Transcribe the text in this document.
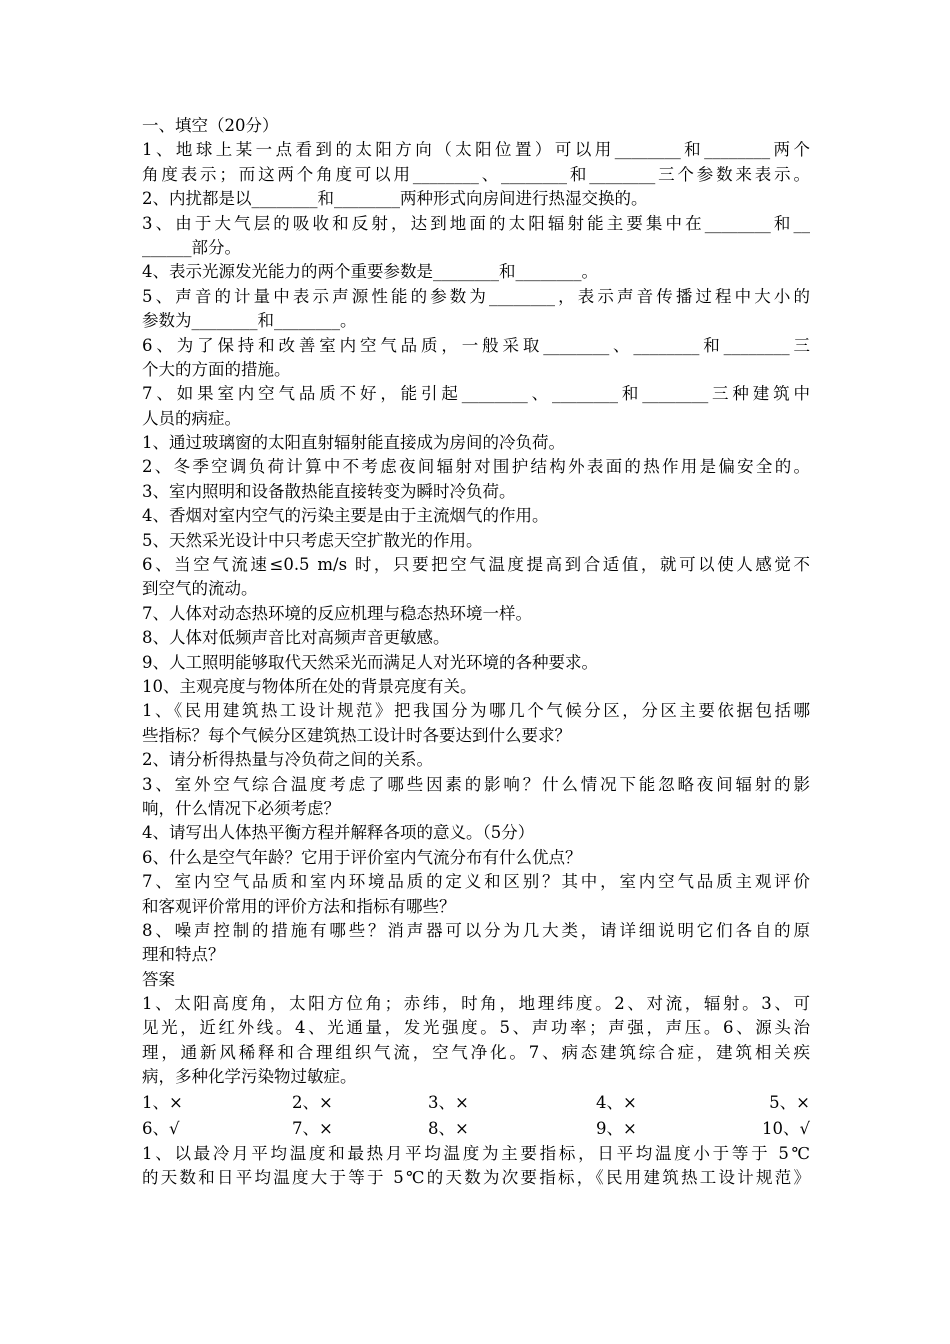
一、填空（20分）
1、地球上某一点看到的太阳方向（太阳位置）可以用________和________两个
角度表示；而这两个角度可以用________、________和________三个参数来表示。
2、内扰都是以________和________两种形式向房间进行热湿交换的。
3、由于大气层的吸收和反射，达到地面的太阳辐射能主要集中在________和__
______部分。
4、表示光源发光能力的两个重要参数是________和________。
5、声音的计量中表示声源性能的参数为________，表示声音传播过程中大小的
参数为________和________。
6、为了保持和改善室内空气品质，一般采取________、________和________三
个大的方面的措施。
7、如果室内空气品质不好，能引起________、________和________三种建筑中
人员的病症。
1、通过玻璃窗的太阳直射辐射能直接成为房间的冷负荷。
2、冬季空调负荷计算中不考虑夜间辐射对围护结构外表面的热作用是偏安全的。
3、室内照明和设备散热能直接转变为瞬时冷负荷。
4、香烟对室内空气的污染主要是由于主流烟气的作用。
5、天然采光设计中只考虑天空扩散光的作用。
6、当空气流速≤0.5 m/s 时，只要把空气温度提高到合适值，就可以使人感觉不
到空气的流动。
7、人体对动态热环境的反应机理与稳态热环境一样。
8、人体对低频声音比对高频声音更敏感。
9、人工照明能够取代天然采光而满足人对光环境的各种要求。
10、主观亮度与物体所在处的背景亮度有关。
1、《民用建筑热工设计规范》把我国分为哪几个气候分区，分区主要依据包括哪
些指标？每个气候分区建筑热工设计时各要达到什么要求？
2、请分析得热量与冷负荷之间的关系。
3、室外空气综合温度考虑了哪些因素的影响？什么情况下能忽略夜间辐射的影
响，什么情况下必须考虑？
4、请写出人体热平衡方程并解释各项的意义。（5分）
6、什么是空气年龄？它用于评价室内气流分布有什么优点？
7、室内空气品质和室内环境品质的定义和区别？其中，室内空气品质主观评价
和客观评价常用的评价方法和指标有哪些？
8、噪声控制的措施有哪些？消声器可以分为几大类，请详细说明它们各自的原
理和特点？
答案
1、太阳高度角，太阳方位角；赤纬，时角，地理纬度。2、对流，辐射。3、可
见光，近红外线。4、光通量，发光强度。5、声功率；声强，声压。6、源头治
理，通新风稀释和合理组织气流，空气净化。7、病态建筑综合症，建筑相关疾
病，多种化学污染物过敏症。
1、×	2、×	3、×	4、×	5、×
6、√	7、×	8、×	9、×	10、√
1、以最冷月平均温度和最热月平均温度为主要指标，日平均温度小于等于 5℃
的天数和日平均温度大于等于 5℃的天数为次要指标，《民用建筑热工设计规范》
